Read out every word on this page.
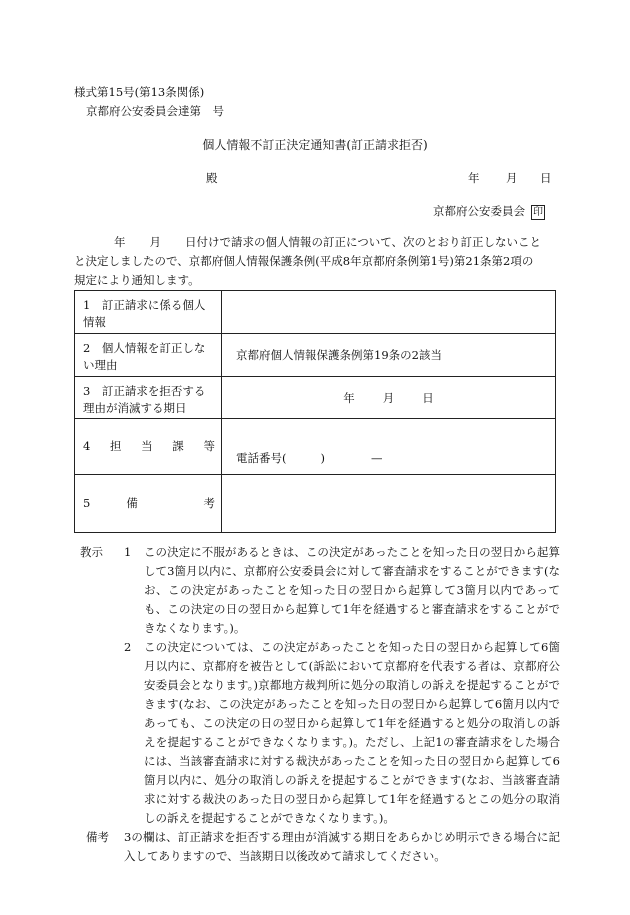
様式第15号(第13条関係)
京都府公安委員会達第　号
個人情報不訂正決定通知書(訂正請求拒否)
殿	年 月 日
京都府公安委員会 印
年 月 日付けで請求の個人情報の訂正について、次のとおり訂正しないこと
と決定しましたので、京都府個人情報保護条例(平成8年京都府条例第1号)第21条第2項の
規定により通知します。
1　訂正請求に係る個人情報	
2　個人情報を訂正しない理由	京都府個人情報保護条例第19条の2該当
3　訂正請求を拒否する理由が消滅する期日	年 月 日

4 担 当 課 等	電話番号( ) —

5 備 考	

教示	1	この決定に不服があるときは、この決定があったことを知った日の翌日から起算して3箇月以内に、京都府公安委員会に対して審査請求をすることができます(なお、この決定があったことを知った日の翌日から起算して3箇月以内であっても、この決定の日の翌日から起算して1年を経過すると審査請求をすることができなくなります。)。
2	この決定については、この決定があったことを知った日の翌日から起算して6箇月以内に、京都府を被告として(訴訟において京都府を代表する者は、京都府公安委員会となります。)京都地方裁判所に処分の取消しの訴えを提起することができます(なお、この決定があったことを知った日の翌日から起算して6箇月以内であっても、この決定の日の翌日から起算して1年を経過すると処分の取消しの訴えを提起することができなくなります。)。ただし、上記1の審査請求をした場合には、当該審査請求に対する裁決があったことを知った日の翌日から起算して6箇月以内に、処分の取消しの訴えを提起することができます(なお、当該審査請求に対する裁決のあった日の翌日から起算して1年を経過するとこの処分の取消しの訴えを提起することができなくなります。)。
備考	3の欄は、訂正請求を拒否する理由が消滅する期日をあらかじめ明示できる場合に記入してありますので、当該期日以後改めて請求してください。
